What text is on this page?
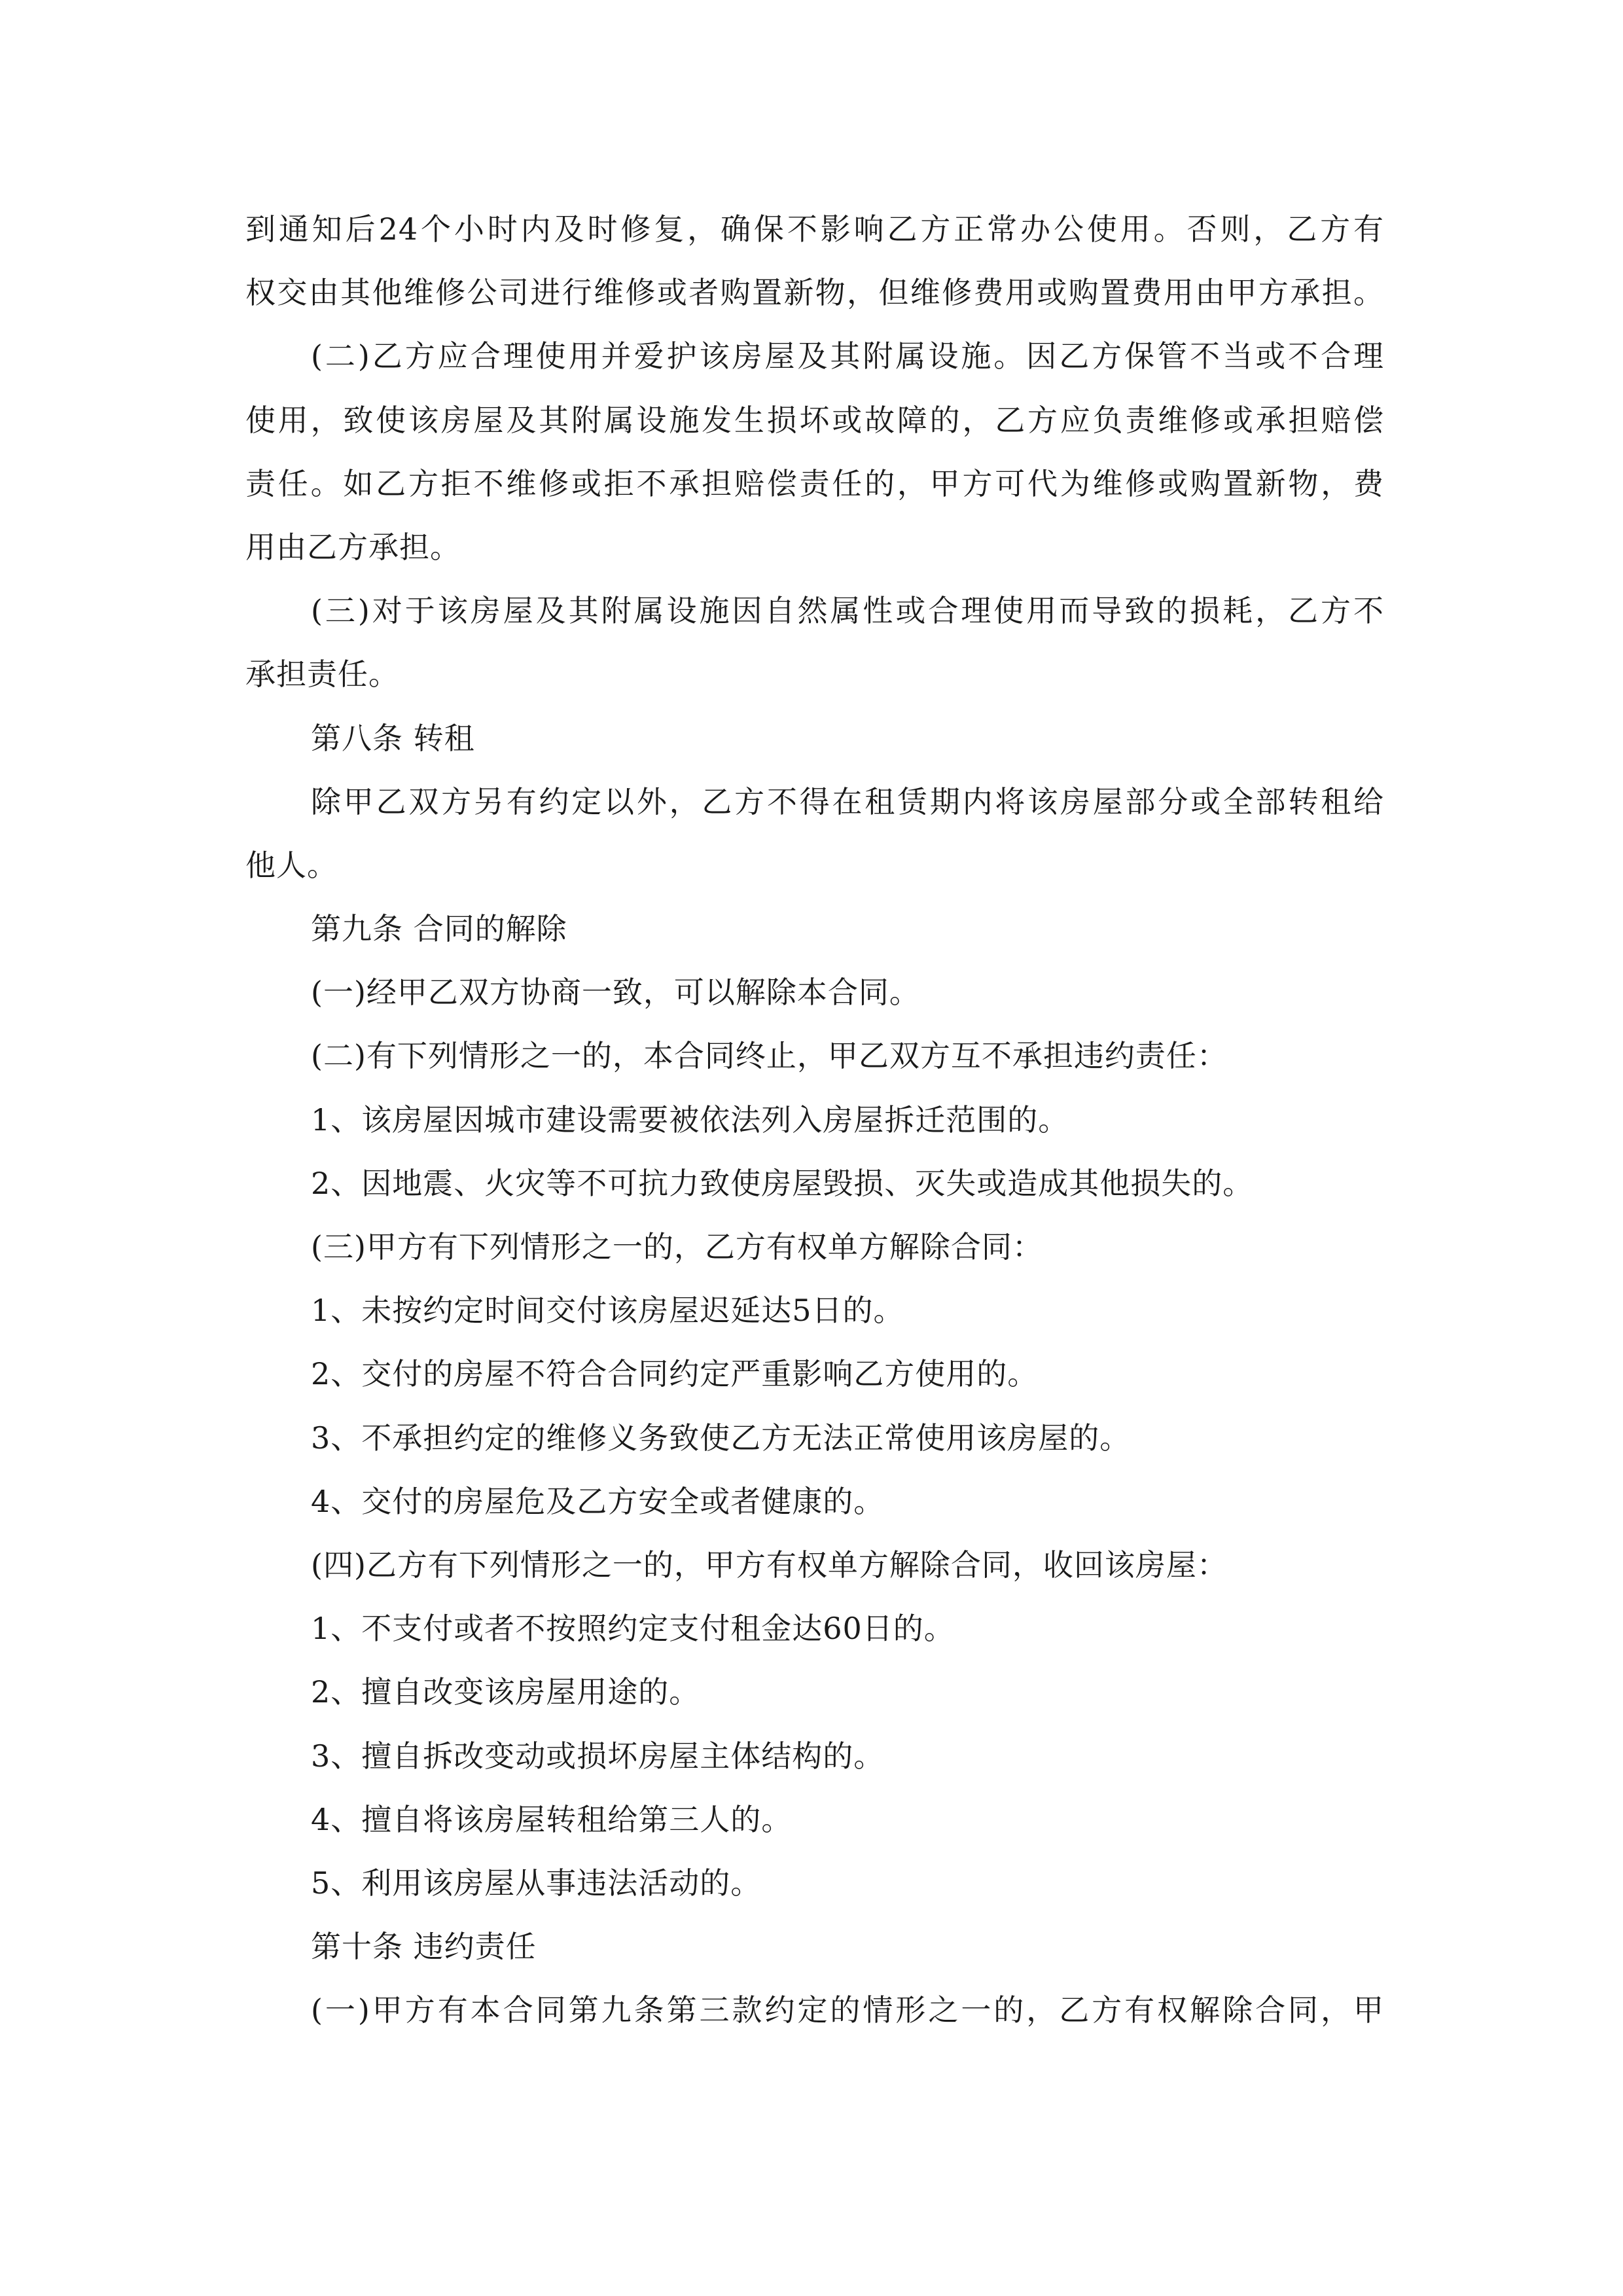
到通知后24个小时内及时修复，确保不影响乙方正常办公使用。否则，乙方有
权交由其他维修公司进行维修或者购置新物，但维修费用或购置费用由甲方承担。
(二)乙方应合理使用并爱护该房屋及其附属设施。因乙方保管不当或不合理
使用，致使该房屋及其附属设施发生损坏或故障的，乙方应负责维修或承担赔偿
责任。如乙方拒不维修或拒不承担赔偿责任的，甲方可代为维修或购置新物，费
用由乙方承担。
(三)对于该房屋及其附属设施因自然属性或合理使用而导致的损耗，乙方不
承担责任。
第八条 转租
除甲乙双方另有约定以外，乙方不得在租赁期内将该房屋部分或全部转租给
他人。
第九条 合同的解除
(一)经甲乙双方协商一致，可以解除本合同。
(二)有下列情形之一的，本合同终止，甲乙双方互不承担违约责任：
1、该房屋因城市建设需要被依法列入房屋拆迁范围的。
2、因地震、火灾等不可抗力致使房屋毁损、灭失或造成其他损失的。
(三)甲方有下列情形之一的，乙方有权单方解除合同：
1、未按约定时间交付该房屋迟延达5日的。
2、交付的房屋不符合合同约定严重影响乙方使用的。
3、不承担约定的维修义务致使乙方无法正常使用该房屋的。
4、交付的房屋危及乙方安全或者健康的。
(四)乙方有下列情形之一的，甲方有权单方解除合同，收回该房屋：
1、不支付或者不按照约定支付租金达60日的。
2、擅自改变该房屋用途的。
3、擅自拆改变动或损坏房屋主体结构的。
4、擅自将该房屋转租给第三人的。
5、利用该房屋从事违法活动的。
第十条 违约责任
(一)甲方有本合同第九条第三款约定的情形之一的，乙方有权解除合同，甲
